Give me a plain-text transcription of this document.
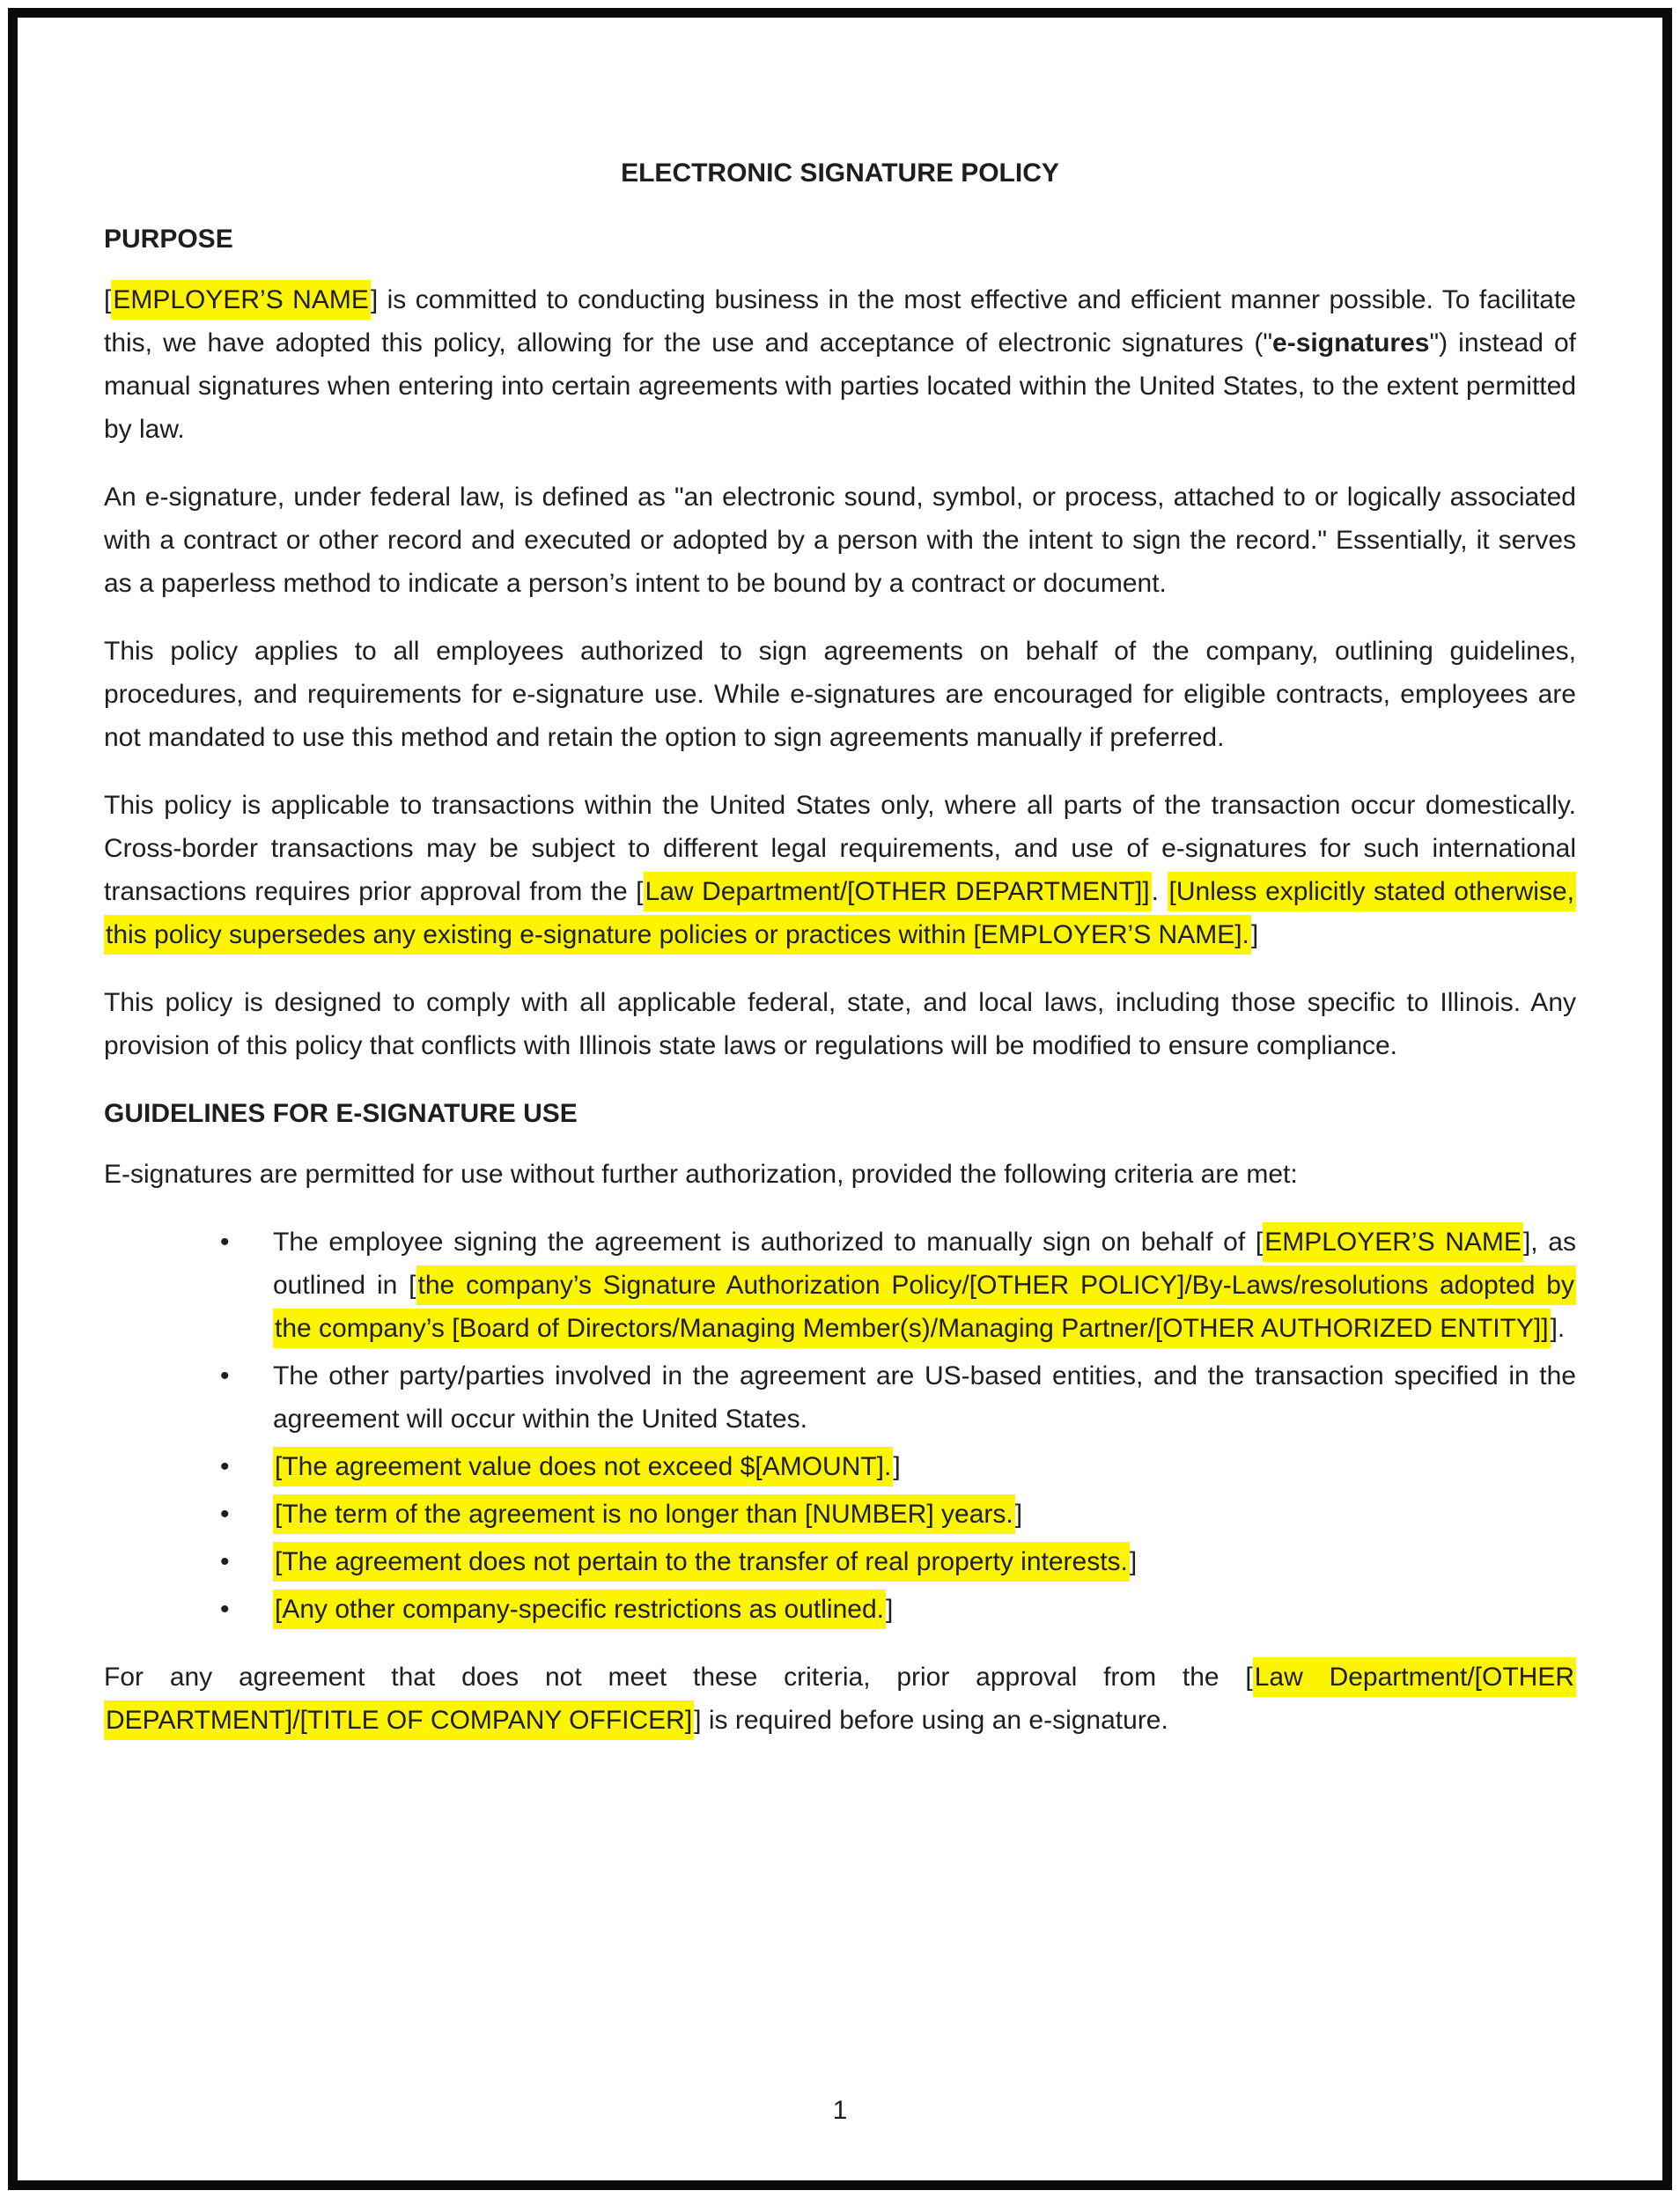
ELECTRONIC SIGNATURE POLICY
PURPOSE

[EMPLOYER’S NAME] is committed to conducting business in the most effective and efficient manner possible. To facilitate this, we have adopted this policy, allowing for the use and acceptance of electronic signatures ("e-signatures") instead of manual signatures when entering into certain agreements with parties located within the United States, to the extent permitted by law.

An e-signature, under federal law, is defined as "an electronic sound, symbol, or process, attached to or logically associated with a contract or other record and executed or adopted by a person with the intent to sign the record." Essentially, it serves as a paperless method to indicate a person’s intent to be bound by a contract or document.

This policy applies to all employees authorized to sign agreements on behalf of the company, outlining guidelines, procedures, and requirements for e-signature use. While e-signatures are encouraged for eligible contracts, employees are not mandated to use this method and retain the option to sign agreements manually if preferred.

This policy is applicable to transactions within the United States only, where all parts of the transaction occur domestically. Cross-border transactions may be subject to different legal requirements, and use of e-signatures for such international transactions requires prior approval from the [Law Department/[OTHER DEPARTMENT]]. [Unless explicitly stated otherwise, this policy supersedes any existing e-signature policies or practices within [EMPLOYER’S NAME].]

This policy is designed to comply with all applicable federal, state, and local laws, including those specific to Illinois. Any provision of this policy that conflicts with Illinois state laws or regulations will be modified to ensure compliance.

GUIDELINES FOR E-SIGNATURE USE

E-signatures are permitted for use without further authorization, provided the following criteria are met:

• The employee signing the agreement is authorized to manually sign on behalf of [EMPLOYER’S NAME], as outlined in [the company’s Signature Authorization Policy/[OTHER POLICY]/By-Laws/resolutions adopted by the company’s [Board of Directors/Managing Member(s)/Managing Partner/[OTHER AUTHORIZED ENTITY]]].
• The other party/parties involved in the agreement are US-based entities, and the transaction specified in the agreement will occur within the United States.
• [The agreement value does not exceed $[AMOUNT].]
• [The term of the agreement is no longer than [NUMBER] years.]
• [The agreement does not pertain to the transfer of real property interests.]
• [Any other company-specific restrictions as outlined.]

For any agreement that does not meet these criteria, prior approval from the [Law Department/[OTHER DEPARTMENT]/[TITLE OF COMPANY OFFICER]] is required before using an e-signature.

1
